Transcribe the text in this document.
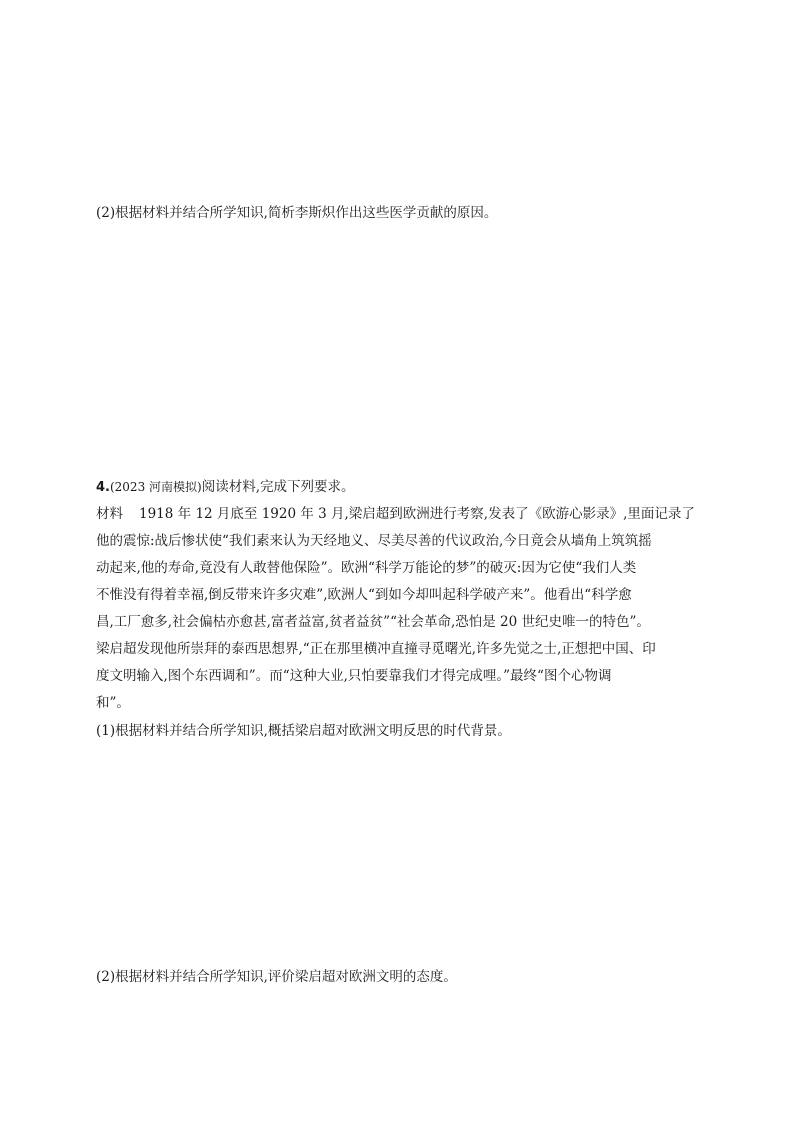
(2)根据材料并结合所学知识,简析李斯炽作出这些医学贡献的原因。

4.(2023 河南模拟)阅读材料,完成下列要求。

材料 1918 年 12 月底至 1920 年 3 月,梁启超到欧洲进行考察,发表了《欧游心影录》,里面记录了

他的震惊:战后惨状使“我们素来认为天经地义、尽美尽善的代议政治,今日竟会从墙角上筑筑摇

动起来,他的寿命,竟没有人敢替他保险”。欧洲“科学万能论的梦”的破灭:因为它使“我们人类

不惟没有得着幸福,倒反带来许多灾难”,欧洲人“到如今却叫起科学破产来”。他看出“科学愈

昌,工厂愈多,社会偏枯亦愈甚,富者益富,贫者益贫”“社会革命,恐怕是 20 世纪史唯一的特色”。

梁启超发现他所崇拜的泰西思想界,“正在那里横冲直撞寻觅曙光,许多先觉之士,正想把中国、印

度文明输入,图个东西调和”。而“这种大业,只怕要靠我们才得完成哩。”最终“图个心物调

和”。

(1)根据材料并结合所学知识,概括梁启超对欧洲文明反思的时代背景。

(2)根据材料并结合所学知识,评价梁启超对欧洲文明的态度。
